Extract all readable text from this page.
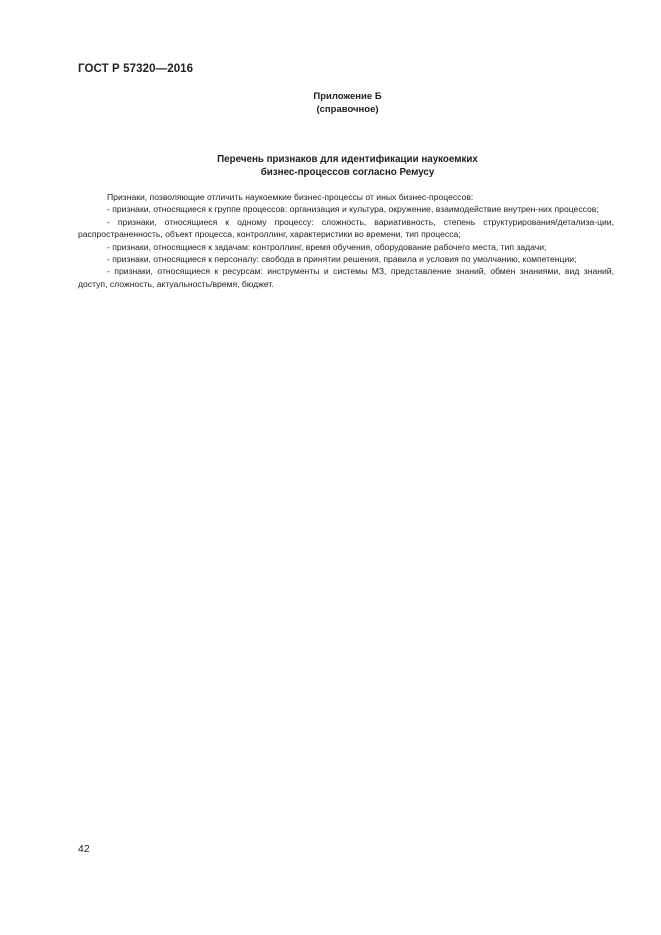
ГОСТ Р 57320—2016
Приложение Б
(справочное)
Перечень признаков для идентификации наукоемких
бизнес-процессов согласно Ремусу

Признаки, позволяющие отличить наукоемкие бизнес-процессы от иных бизнес-процессов:

- признаки, относящиеся к группе процессов: организация и культура, окружение, взаимодействие внутрен-них процессов;

- признаки, относящиеся к одному процессу: сложность, вариативность, степень структурирования/детализа-ции, распространенность, объект процесса, контроллинг, характеристики во времени, тип процесса;

- признаки, относящиеся к задачам: контроллинг, время обучения, оборудование рабочего места, тип задачи;

- признаки, относящиеся к персоналу: свобода в принятии решения, правила и условия по умолчанию, компетенции;

- признаки, относящиеся к ресурсам: инструменты и системы МЗ, представление знаний, обмен знаниями, вид знаний, доступ, сложность, актуальность/время, бюджет.

42
